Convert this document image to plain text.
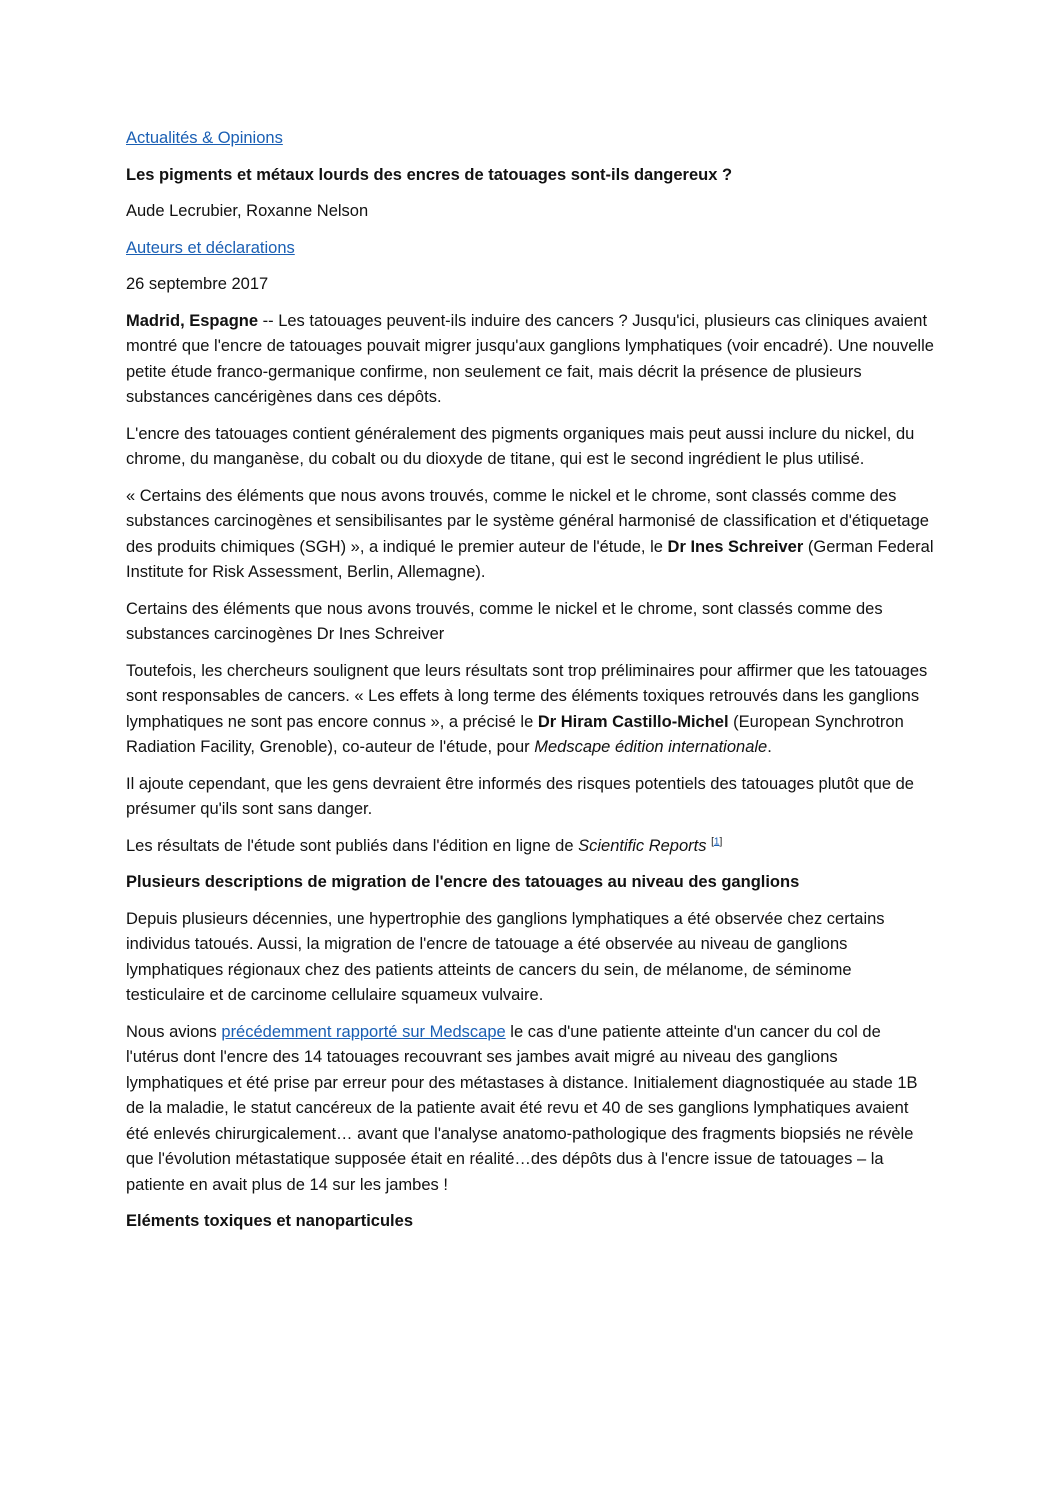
Actualités & Opinions

Les pigments et métaux lourds des encres de tatouages sont-ils dangereux ?

Aude Lecrubier, Roxanne Nelson

Auteurs et déclarations

26 septembre 2017

Madrid, Espagne -- Les tatouages peuvent-ils induire des cancers ? Jusqu'ici, plusieurs cas cliniques avaient montré que l'encre de tatouages pouvait migrer jusqu'aux ganglions lymphatiques (voir encadré). Une nouvelle petite étude franco-germanique confirme, non seulement ce fait, mais décrit la présence de plusieurs substances cancérigènes dans ces dépôts.

L'encre des tatouages contient généralement des pigments organiques mais peut aussi inclure du nickel, du chrome, du manganèse, du cobalt ou du dioxyde de titane, qui est le second ingrédient le plus utilisé.

« Certains des éléments que nous avons trouvés, comme le nickel et le chrome, sont classés comme des substances carcinogènes et sensibilisantes par le système général harmonisé de classification et d'étiquetage des produits chimiques (SGH) », a indiqué le premier auteur de l'étude, le Dr Ines Schreiver (German Federal Institute for Risk Assessment, Berlin, Allemagne).

Certains des éléments que nous avons trouvés, comme le nickel et le chrome, sont classés comme des substances carcinogènes Dr Ines Schreiver

Toutefois, les chercheurs soulignent que leurs résultats sont trop préliminaires pour affirmer que les tatouages sont responsables de cancers. « Les effets à long terme des éléments toxiques retrouvés dans les ganglions lymphatiques ne sont pas encore connus », a précisé le Dr Hiram Castillo-Michel (European Synchrotron Radiation Facility, Grenoble), co-auteur de l'étude, pour Medscape édition internationale.

Il ajoute cependant, que les gens devraient être informés des risques potentiels des tatouages plutôt que de présumer qu'ils sont sans danger.

Les résultats de l'étude sont publiés dans l'édition en ligne de Scientific Reports [1]

Plusieurs descriptions de migration de l'encre des tatouages au niveau des ganglions

Depuis plusieurs décennies, une hypertrophie des ganglions lymphatiques a été observée chez certains individus tatoués. Aussi, la migration de l'encre de tatouage a été observée au niveau de ganglions lymphatiques régionaux chez des patients atteints de cancers du sein, de mélanome, de séminome testiculaire et de carcinome cellulaire squameux vulvaire.

Nous avions précédemment rapporté sur Medscape le cas d'une patiente atteinte d'un cancer du col de l'utérus dont l'encre des 14 tatouages recouvrant ses jambes avait migré au niveau des ganglions lymphatiques et été prise par erreur pour des métastases à distance. Initialement diagnostiquée au stade 1B de la maladie, le statut cancéreux de la patiente avait été revu et 40 de ses ganglions lymphatiques avaient été enlevés chirurgicalement… avant que l'analyse anatomo-pathologique des fragments biopsiés ne révèle que l'évolution métastatique supposée était en réalité…des dépôts dus à l'encre issue de tatouages – la patiente en avait plus de 14 sur les jambes !

Eléments toxiques et nanoparticules
